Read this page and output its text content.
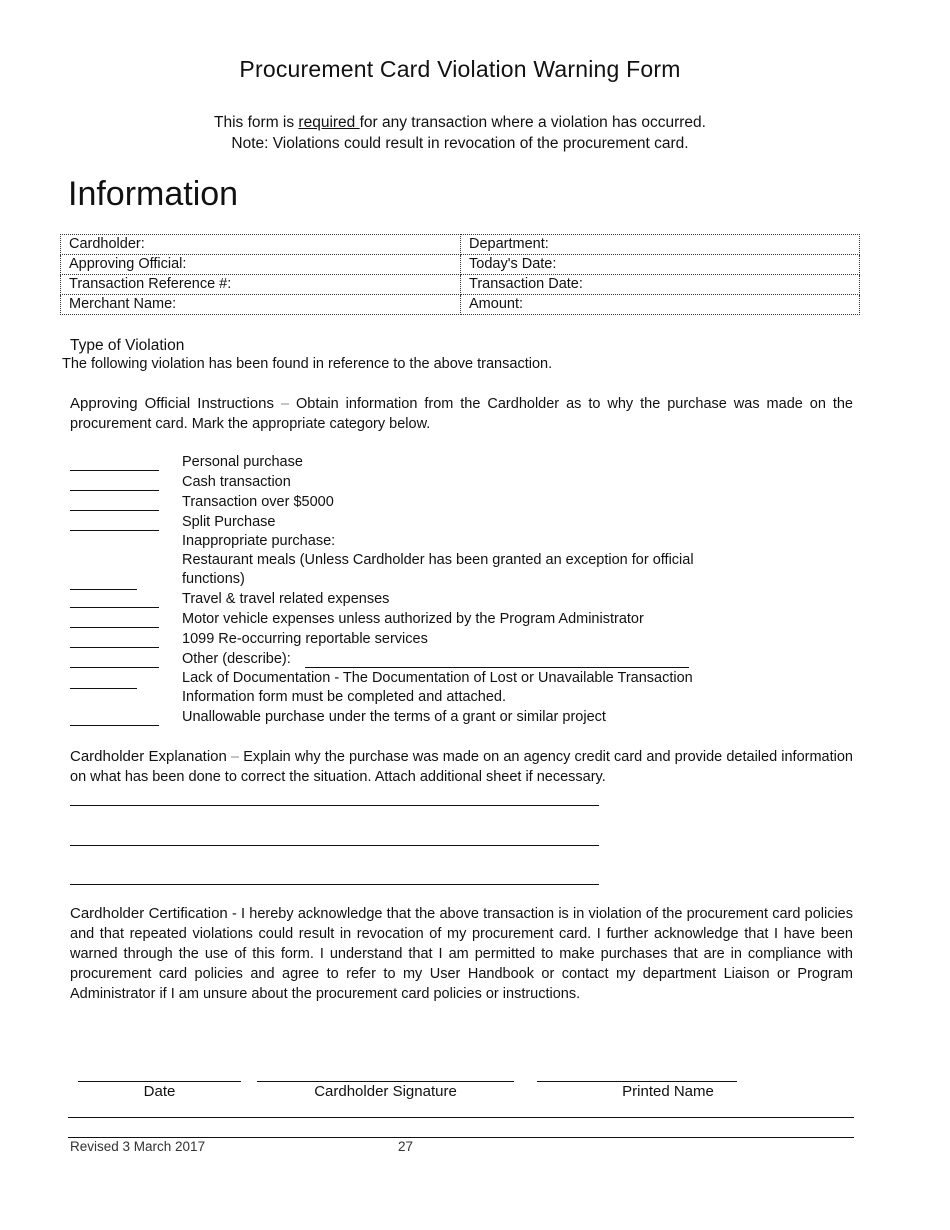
Procurement Card Violation Warning Form
This form is required for any transaction where a violation has occurred.
Note: Violations could result in revocation of the procurement card.
Information
Cardholder:	Department:
Approving Official:	Today's Date:
Transaction Reference #:	Transaction Date:
Merchant Name:	Amount:
Type of Violation
The following violation has been found in reference to the above transaction.
Approving Official Instructions – Obtain information from the Cardholder as to why the purchase was made on the procurement card. Mark the appropriate category below.
Personal purchase
Cash transaction
Transaction over $5000
Split Purchase
Inappropriate purchase:
Restaurant meals (Unless Cardholder has been granted an exception for official functions)
Travel & travel related expenses
Motor vehicle expenses unless authorized by the Program Administrator
1099 Re-occurring reportable services
Other (describe):
Lack of Documentation - The Documentation of Lost or Unavailable Transaction Information form must be completed and attached.
Unallowable purchase under the terms of a grant or similar project
Cardholder Explanation – Explain why the purchase was made on an agency credit card and provide detailed information on what has been done to correct the situation. Attach additional sheet if necessary.
Cardholder Certification - I hereby acknowledge that the above transaction is in violation of the procurement card policies and that repeated violations could result in revocation of my procurement card. I further acknowledge that I have been warned through the use of this form. I understand that I am permitted to make purchases that are in compliance with procurement card policies and agree to refer to my User Handbook or contact my department Liaison or Program Administrator if I am unsure about the procurement card policies or instructions.
Date	Cardholder Signature	Printed Name
Revised 3 March 2017	27
